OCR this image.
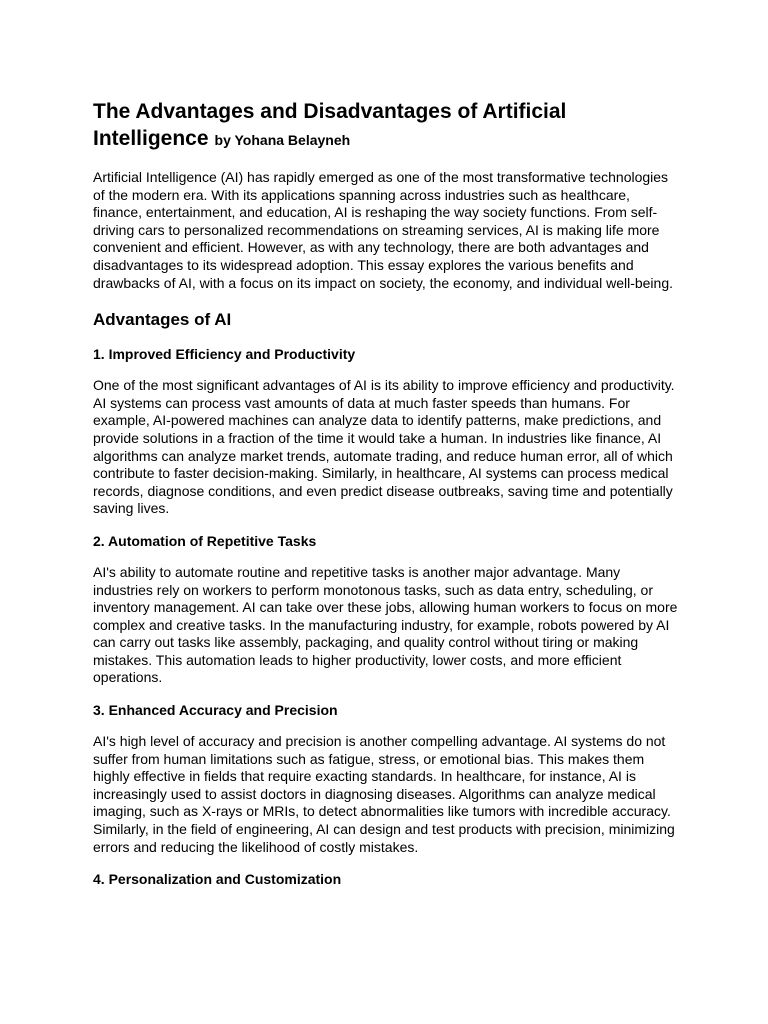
The Advantages and Disadvantages of Artificial Intelligence by Yohana Belayneh

Artificial Intelligence (AI) has rapidly emerged as one of the most transformative technologies of the modern era. With its applications spanning across industries such as healthcare, finance, entertainment, and education, AI is reshaping the way society functions. From self-driving cars to personalized recommendations on streaming services, AI is making life more convenient and efficient. However, as with any technology, there are both advantages and disadvantages to its widespread adoption. This essay explores the various benefits and drawbacks of AI, with a focus on its impact on society, the economy, and individual well-being.

Advantages of AI
1. Improved Efficiency and Productivity

One of the most significant advantages of AI is its ability to improve efficiency and productivity. AI systems can process vast amounts of data at much faster speeds than humans. For example, AI-powered machines can analyze data to identify patterns, make predictions, and provide solutions in a fraction of the time it would take a human. In industries like finance, AI algorithms can analyze market trends, automate trading, and reduce human error, all of which contribute to faster decision-making. Similarly, in healthcare, AI systems can process medical records, diagnose conditions, and even predict disease outbreaks, saving time and potentially saving lives.

2. Automation of Repetitive Tasks

AI's ability to automate routine and repetitive tasks is another major advantage. Many industries rely on workers to perform monotonous tasks, such as data entry, scheduling, or inventory management. AI can take over these jobs, allowing human workers to focus on more complex and creative tasks. In the manufacturing industry, for example, robots powered by AI can carry out tasks like assembly, packaging, and quality control without tiring or making mistakes. This automation leads to higher productivity, lower costs, and more efficient operations.

3. Enhanced Accuracy and Precision

AI's high level of accuracy and precision is another compelling advantage. AI systems do not suffer from human limitations such as fatigue, stress, or emotional bias. This makes them highly effective in fields that require exacting standards. In healthcare, for instance, AI is increasingly used to assist doctors in diagnosing diseases. Algorithms can analyze medical imaging, such as X-rays or MRIs, to detect abnormalities like tumors with incredible accuracy. Similarly, in the field of engineering, AI can design and test products with precision, minimizing errors and reducing the likelihood of costly mistakes.

4. Personalization and Customization
